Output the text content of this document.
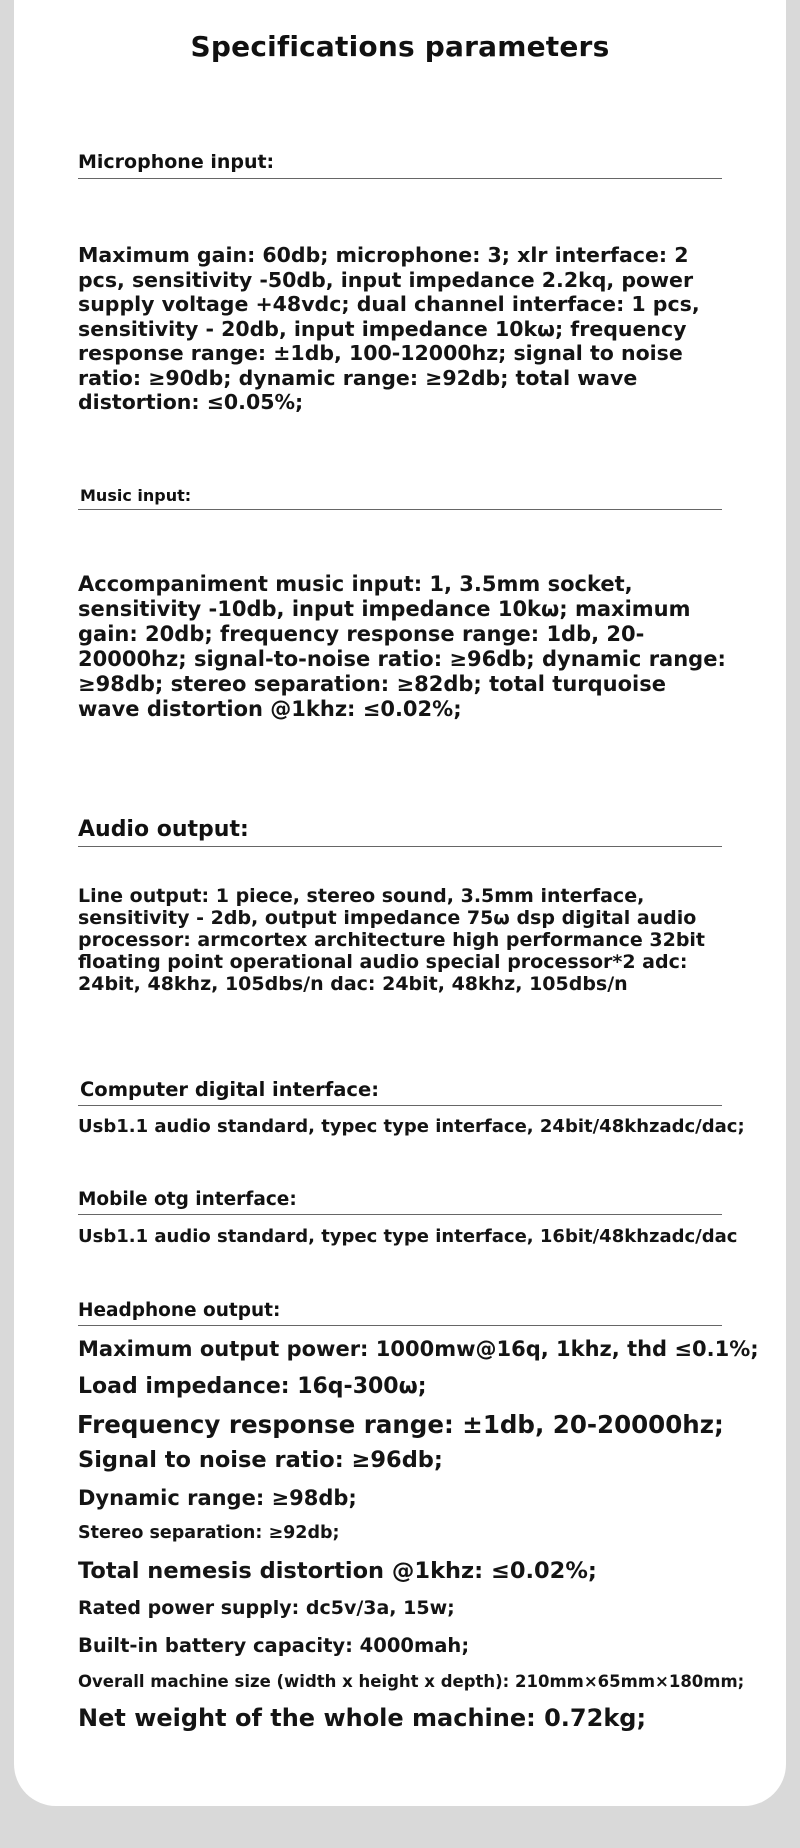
Specifications parameters
Microphone input:
Maximum gain: 60db; microphone: 3; xlr interface: 2 pcs, sensitivity -50db, input impedance 2.2kq, power supply voltage +48vdc; dual channel interface: 1 pcs, sensitivity - 20db, input impedance 10kω; frequency response range: ±1db, 100-12000hz; signal to noise ratio: ≥90db; dynamic range: ≥92db; total wave distortion: ≤0.05%;
Music input:
Accompaniment music input: 1, 3.5mm socket, sensitivity -10db, input impedance 10kω; maximum gain: 20db; frequency response range: 1db, 20-20000hz; signal-to-noise ratio: ≥96db; dynamic range: ≥98db; stereo separation: ≥82db; total turquoise wave distortion @1khz: ≤0.02%;
Audio output:
Line output: 1 piece, stereo sound, 3.5mm interface, sensitivity - 2db, output impedance 75ω dsp digital audio processor: armcortex architecture high performance 32bit floating point operational audio special processor*2 adc: 24bit, 48khz, 105dbs/n dac: 24bit, 48khz, 105dbs/n
Computer digital interface:
Usb1.1 audio standard, typec type interface, 24bit/48khzadc/dac;
Mobile otg interface:
Usb1.1 audio standard, typec type interface, 16bit/48khzadc/dac
Headphone output:
Maximum output power: 1000mw@16q, 1khz, thd ≤0.1%;
Load impedance: 16q-300ω;
Frequency response range: ±1db, 20-20000hz;
Signal to noise ratio: ≥96db;
Dynamic range: ≥98db;
Stereo separation: ≥92db;
Total nemesis distortion @1khz: ≤0.02%;
Rated power supply: dc5v/3a, 15w;
Built-in battery capacity: 4000mah;
Overall machine size (width x height x depth): 210mm×65mm×180mm;
Net weight of the whole machine: 0.72kg;
